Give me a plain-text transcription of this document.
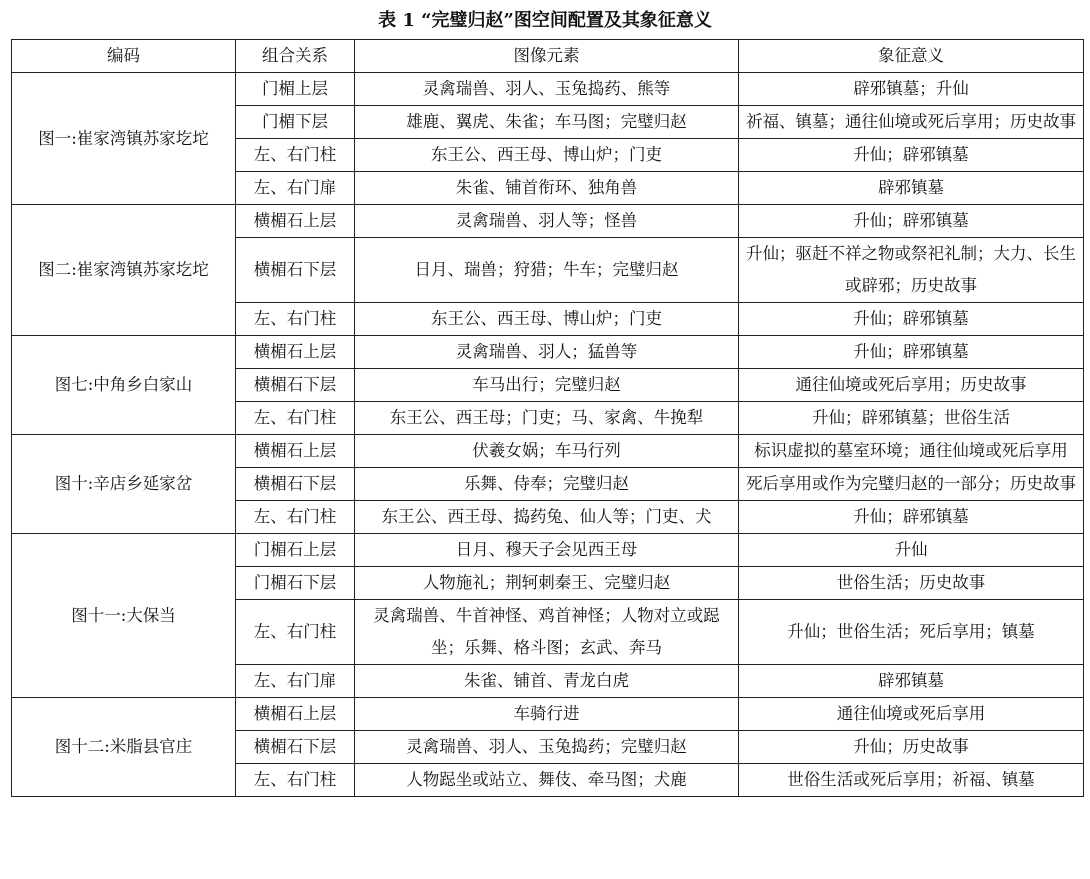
表 1 “完璧归赵”图空间配置及其象征意义
编码	组合关系	图像元素	象征意义
图一:崔家湾镇苏家圪坨	门楣上层	灵禽瑞兽、羽人、玉兔捣药、熊等	辟邪镇墓；升仙
	门楣下层	雄鹿、翼虎、朱雀；车马图；完璧归赵	祈福、镇墓；通往仙境或死后享用；历史故事
	左、右门柱	东王公、西王母、博山炉；门吏	升仙；辟邪镇墓
	左、右门扉	朱雀、铺首衔环、独角兽	辟邪镇墓
图二:崔家湾镇苏家圪坨	横楣石上层	灵禽瑞兽、羽人等；怪兽	升仙；辟邪镇墓
	横楣石下层	日月、瑞兽；狩猎；牛车；完璧归赵	升仙；驱赶不祥之物或祭祀礼制；大力、长生或辟邪；历史故事
	左、右门柱	东王公、西王母、博山炉；门吏	升仙；辟邪镇墓
图七:中角乡白家山	横楣石上层	灵禽瑞兽、羽人；猛兽等	升仙；辟邪镇墓
	横楣石下层	车马出行；完璧归赵	通往仙境或死后享用；历史故事
	左、右门柱	东王公、西王母；门吏；马、家禽、牛挽犁	升仙；辟邪镇墓；世俗生活
图十:辛店乡延家岔	横楣石上层	伏羲女娲；车马行列	标识虚拟的墓室环境；通往仙境或死后享用
	横楣石下层	乐舞、侍奉；完璧归赵	死后享用或作为完璧归赵的一部分；历史故事
	左、右门柱	东王公、西王母、捣药兔、仙人等；门吏、犬	升仙；辟邪镇墓
图十一:大保当	门楣石上层	日月、穆天子会见西王母	升仙
	门楣石下层	人物施礼；荆轲刺秦王、完璧归赵	世俗生活；历史故事
	左、右门柱	灵禽瑞兽、牛首神怪、鸡首神怪；人物对立或跽坐；乐舞、格斗图；玄武、奔马	升仙；世俗生活；死后享用；镇墓
	左、右门扉	朱雀、铺首、青龙白虎	辟邪镇墓
图十二:米脂县官庄	横楣石上层	车骑行进	通往仙境或死后享用
	横楣石下层	灵禽瑞兽、羽人、玉兔捣药；完璧归赵	升仙；历史故事
	左、右门柱	人物跽坐或站立、舞伎、牵马图；犬鹿	世俗生活或死后享用；祈福、镇墓
